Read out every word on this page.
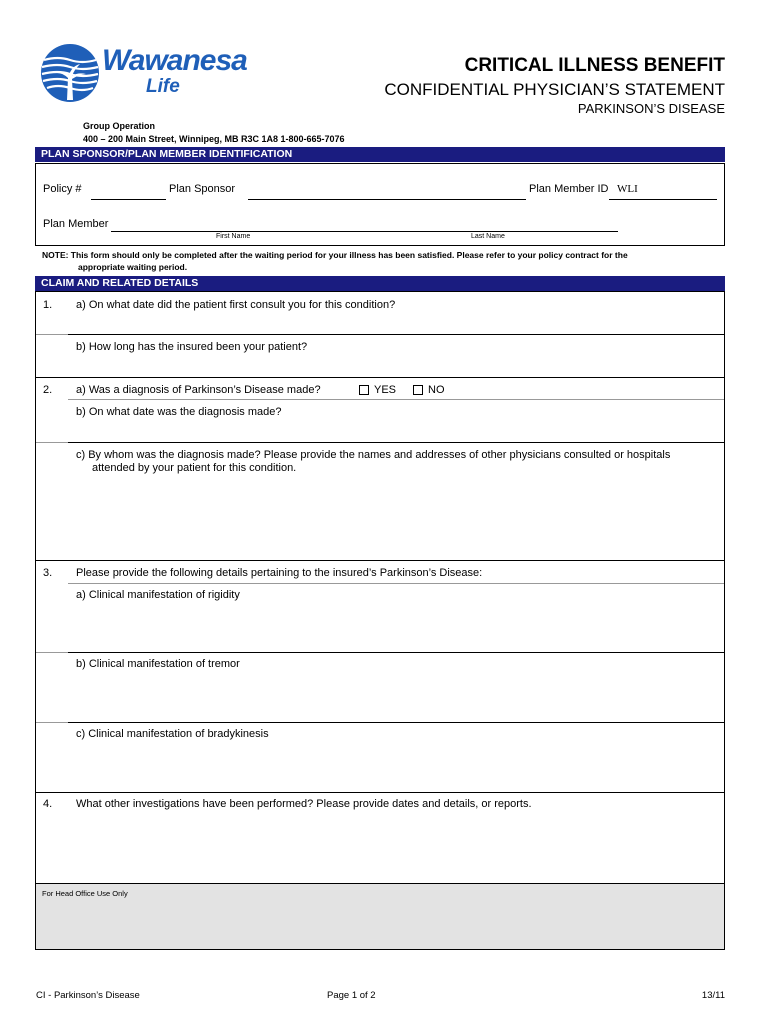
Wawanesa
Life
CRITICAL ILLNESS BENEFIT
CONFIDENTIAL PHYSICIAN’S STATEMENT
PARKINSON’S DISEASE
Group Operation
400 – 200 Main Street, Winnipeg, MB R3C 1A8 1-800-665-7076
PLAN SPONSOR/PLAN MEMBER IDENTIFICATION
Policy #	Plan Sponsor	Plan Member ID WLI
Plan Member
First Name	Last Name
NOTE: This form should only be completed after the waiting period for your illness has been satisfied. Please refer to your policy contract for the
appropriate waiting period.
CLAIM AND RELATED DETAILS
1. a) On what date did the patient first consult you for this condition?
b) How long has the insured been your patient?
2. a) Was a diagnosis of Parkinson’s Disease made?	YES	NO
b) On what date was the diagnosis made?
c) By whom was the diagnosis made? Please provide the names and addresses of other physicians consulted or hospitals
attended by your patient for this condition.
3. Please provide the following details pertaining to the insured’s Parkinson’s Disease:
a) Clinical manifestation of rigidity
b) Clinical manifestation of tremor
c) Clinical manifestation of bradykinesis
4. What other investigations have been performed? Please provide dates and details, or reports.
For Head Office Use Only
CI - Parkinson’s Disease	Page 1 of 2	13/11
